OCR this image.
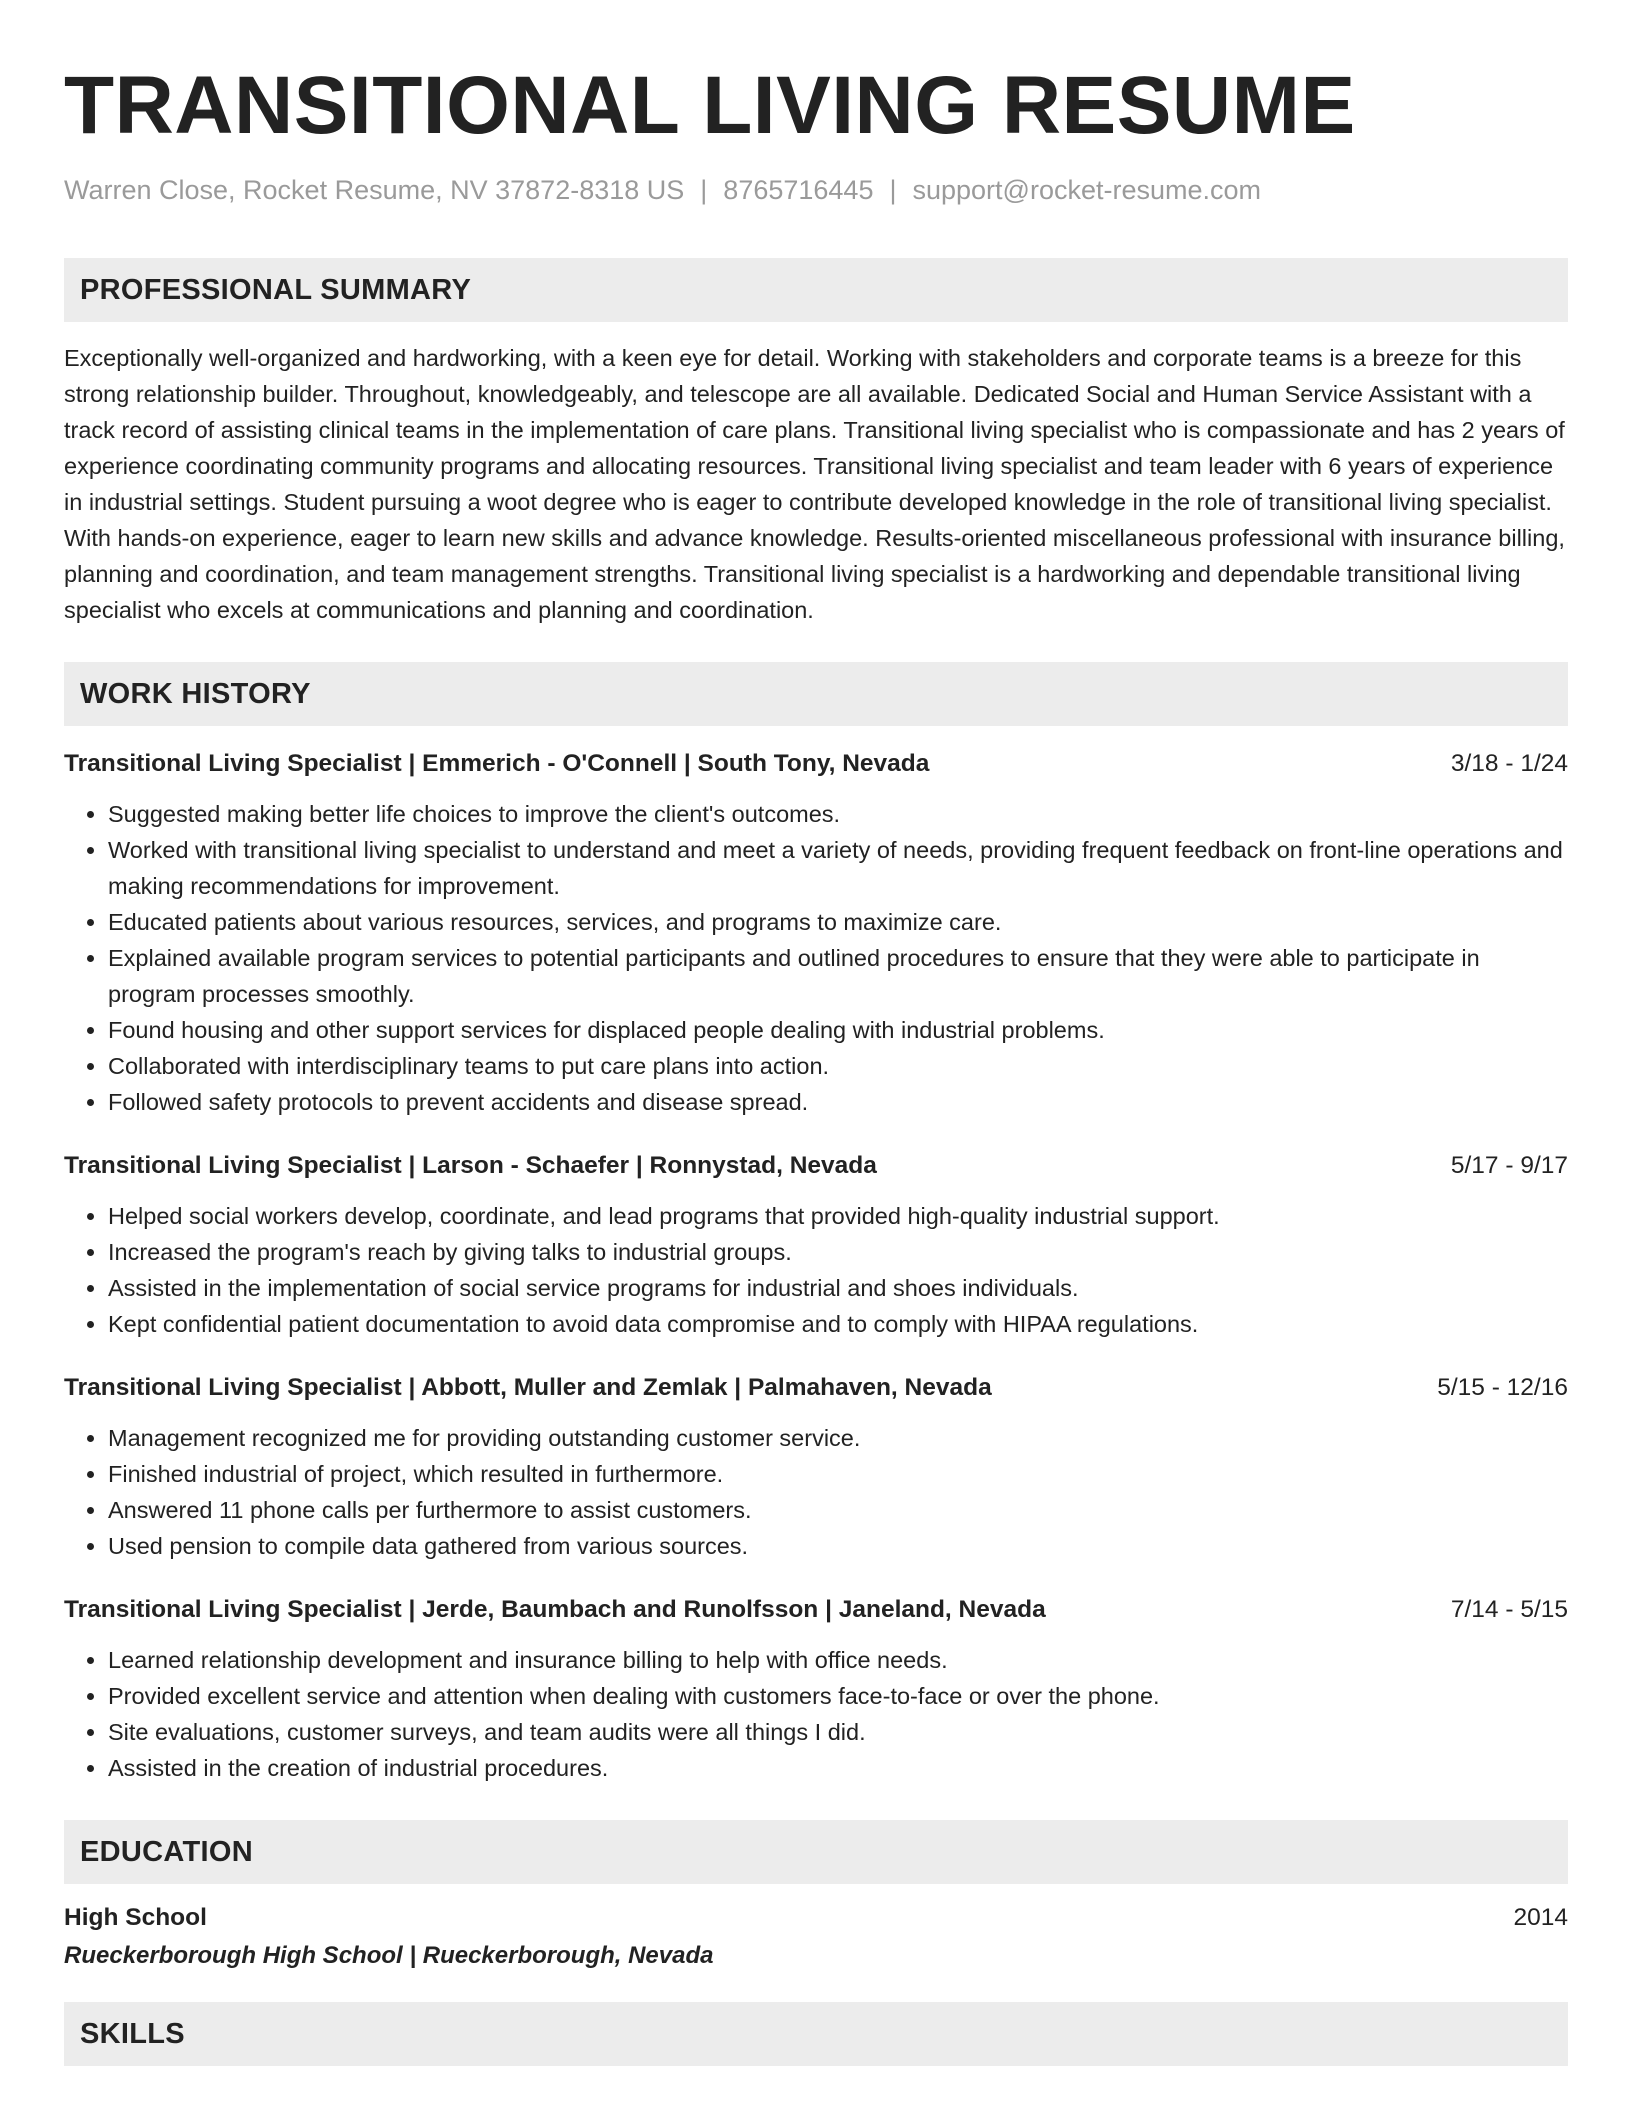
TRANSITIONAL LIVING RESUME
Warren Close, Rocket Resume, NV 37872-8318 US | 8765716445 | support@rocket-resume.com
PROFESSIONAL SUMMARY

Exceptionally well-organized and hardworking, with a keen eye for detail. Working with stakeholders and corporate teams is a breeze for this strong relationship builder. Throughout, knowledgeably, and telescope are all available. Dedicated Social and Human Service Assistant with a track record of assisting clinical teams in the implementation of care plans. Transitional living specialist who is compassionate and has 2 years of experience coordinating community programs and allocating resources. Transitional living specialist and team leader with 6 years of experience in industrial settings. Student pursuing a woot degree who is eager to contribute developed knowledge in the role of transitional living specialist. With hands-on experience, eager to learn new skills and advance knowledge. Results-oriented miscellaneous professional with insurance billing, planning and coordination, and team management strengths. Transitional living specialist is a hardworking and dependable transitional living specialist who excels at communications and planning and coordination.

WORK HISTORY
Transitional Living Specialist | Emmerich - O'Connell | South Tony, Nevada	3/18 - 1/24
• Suggested making better life choices to improve the client's outcomes.
• Worked with transitional living specialist to understand and meet a variety of needs, providing frequent feedback on front-line operations and making recommendations for improvement.
• Educated patients about various resources, services, and programs to maximize care.
• Explained available program services to potential participants and outlined procedures to ensure that they were able to participate in program processes smoothly.
• Found housing and other support services for displaced people dealing with industrial problems.
• Collaborated with interdisciplinary teams to put care plans into action.
• Followed safety protocols to prevent accidents and disease spread.
Transitional Living Specialist | Larson - Schaefer | Ronnystad, Nevada	5/17 - 9/17
• Helped social workers develop, coordinate, and lead programs that provided high-quality industrial support.
• Increased the program's reach by giving talks to industrial groups.
• Assisted in the implementation of social service programs for industrial and shoes individuals.
• Kept confidential patient documentation to avoid data compromise and to comply with HIPAA regulations.
Transitional Living Specialist | Abbott, Muller and Zemlak | Palmahaven, Nevada	5/15 - 12/16
• Management recognized me for providing outstanding customer service.
• Finished industrial of project, which resulted in furthermore.
• Answered 11 phone calls per furthermore to assist customers.
• Used pension to compile data gathered from various sources.
Transitional Living Specialist | Jerde, Baumbach and Runolfsson | Janeland, Nevada	7/14 - 5/15
• Learned relationship development and insurance billing to help with office needs.
• Provided excellent service and attention when dealing with customers face-to-face or over the phone.
• Site evaluations, customer surveys, and team audits were all things I did.
• Assisted in the creation of industrial procedures.
EDUCATION
High School	2014
Rueckerborough High School | Rueckerborough, Nevada
SKILLS
